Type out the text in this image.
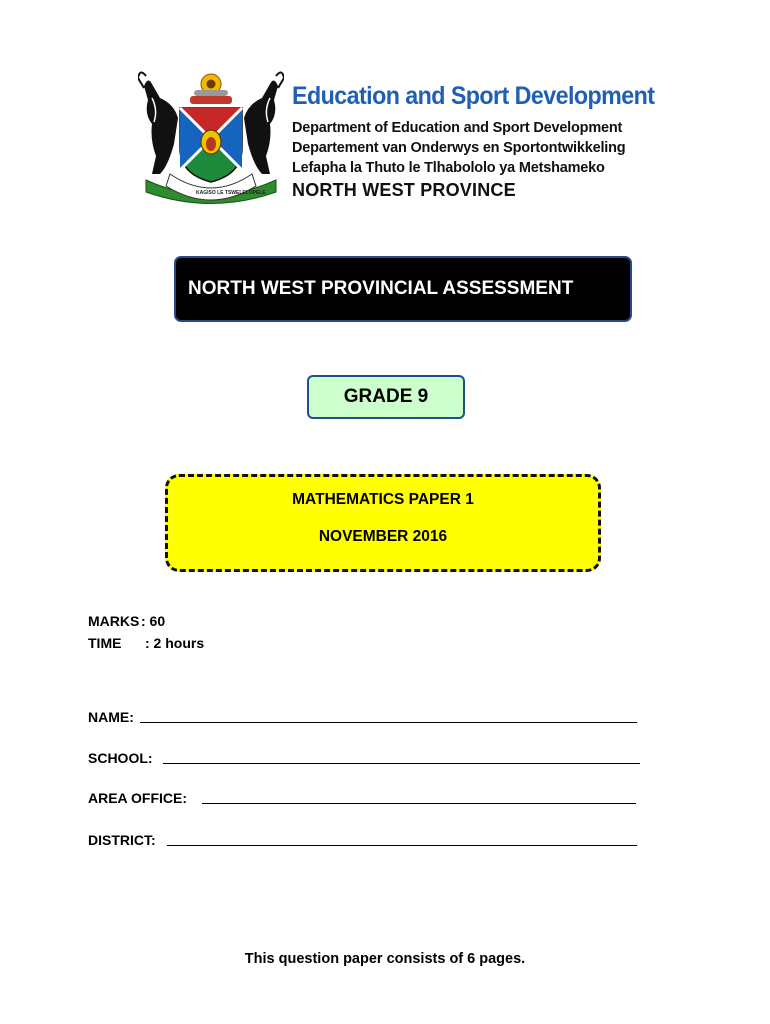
KAGISO LE TSWELELOPELE
Education and Sport Development
Department of Education and Sport Development
Departement van Onderwys en Sportontwikkeling
Lefapha la Thuto le Tlhabololo ya Metshameko
NORTH WEST PROVINCE
NORTH WEST PROVINCIAL ASSESSMENT
GRADE 9
MATHEMATICS PAPER 1
NOVEMBER 2016
MARKS : 60
TIME : 2 hours
NAME:
SCHOOL:
AREA OFFICE:
DISTRICT:
This question paper consists of 6 pages.
